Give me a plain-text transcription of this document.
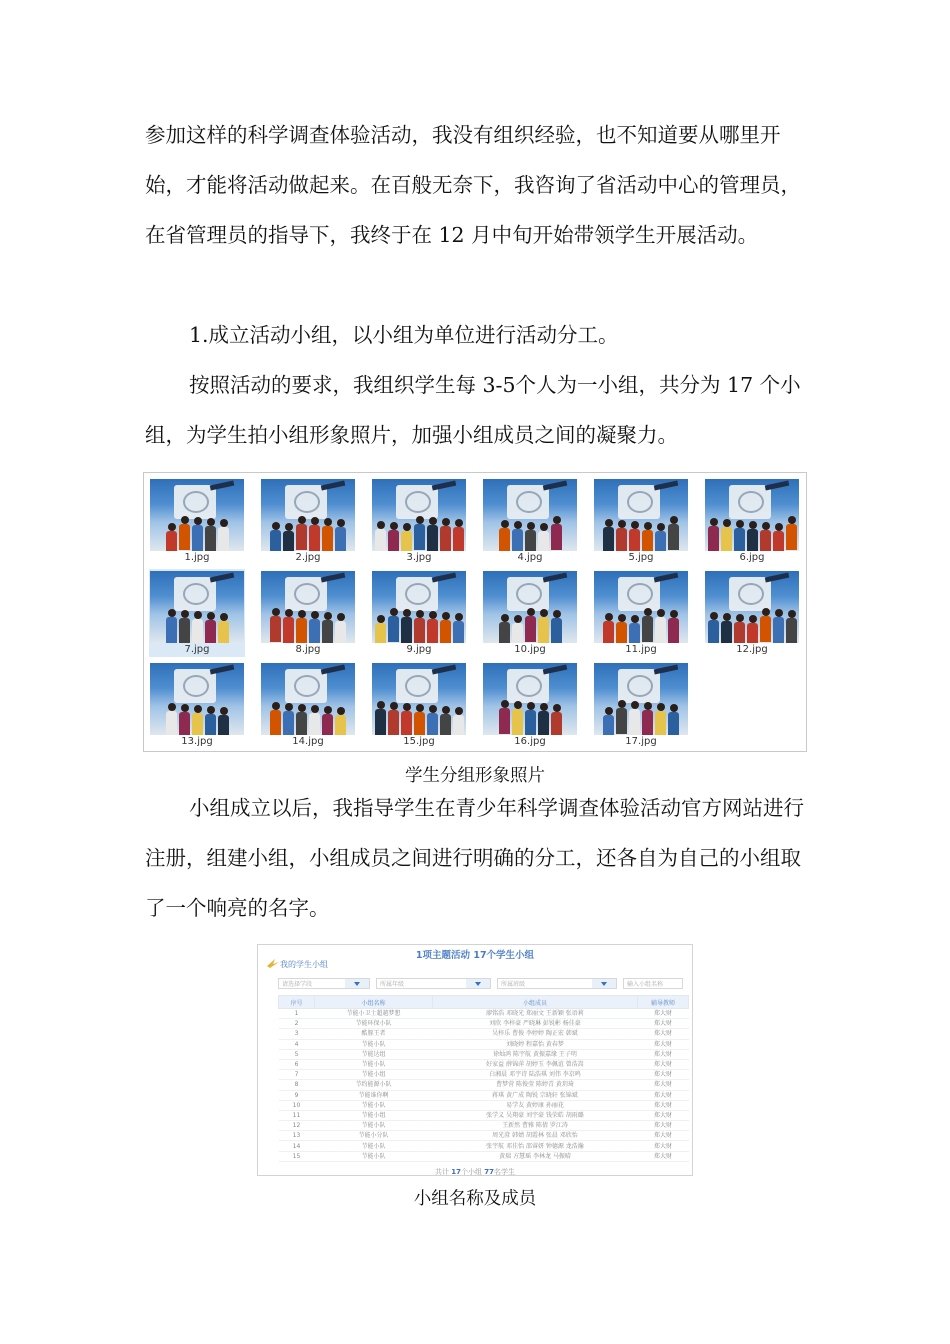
参加这样的科学调查体验活动，我没有组织经验，也不知道要从哪里开始，才能将活动做起来。在百般无奈下，我咨询了省活动中心的管理员，在省管理员的指导下，我终于在 12 月中旬开始带领学生开展活动。

1.成立活动小组，以小组为单位进行活动分工。

按照活动的要求，我组织学生每 3-5个人为一小组，共分为 17 个小组，为学生拍小组形象照片，加强小组成员之间的凝聚力。

1.jpg	2.jpg	3.jpg	4.jpg	5.jpg	6.jpg
7.jpg	8.jpg	9.jpg	10.jpg	11.jpg	12.jpg
13.jpg	14.jpg	15.jpg	16.jpg	17.jpg
学生分组形象照片

小组成立以后，我指导学生在青少年科学调查体验活动官方网站进行注册，组建小组，小组成员之间进行明确的分工，还各自为自己的小组取了一个响亮的名字。

1项主题活动 17个学生小组
我的学生小组
请选择学段	所属年级	所属班级	输入小组名称
序号	小组名称	小组成员	辅导教师
1	节能小卫士超越梦想	廖铭浩 邓晓光 郑丽文 王新颖 张语莉	郑大财
2	节能环保小队	刘欣 李梓豪 严晓琳 彭锐彬 杨佳豪	郑大财
3	酷豚王者	吴梓乐 曹俊 李婷婷 陶正宏 韩斌	郑大财
4	节能小队	刘晓婷 程嘉怡 黄春梦	郑大财
5	节能达组	徐灿鸿 陈宇航 黄振嘉缘 王子明	郑大财
6	节能小队	好家益 薛锦萍 胡婷玉 李佩谊 曾浩嵩	郑大财
7	节能小组	白湘晨 邓宇诗 陆浩琪 刘伟 李京鸣	郑大财
8	节约能源小队	曹梦营 陈俊莹 陈婷青 黄玥琦	郑大财
9	节能谁你啊	蒋琪 黄广成 陶锐 宗晓轩 张锦斌	郑大财
10	节能小队	易学友 黄婷康 孙丽花	郑大财
11	节能小组	张学义 吴翔豪 刘宇豪 钱荣皓 胡雨璐	郑大财
12	节能小队	王新然 曹雅 陈倩 罗江涛	郑大财
13	节能小分队	周光澄 韩婧 胡霞林 张晨 邓欣怡	郑大财
14	节能小队	张宇航 邓佳怡 邵睿妍 钟德源 龙浩瀚	郑大财
15	节能小队	黄瑞 方慧瑶 李林龙 马振晴	郑大财
共计 17个小组 77名学生
小组名称及成员
